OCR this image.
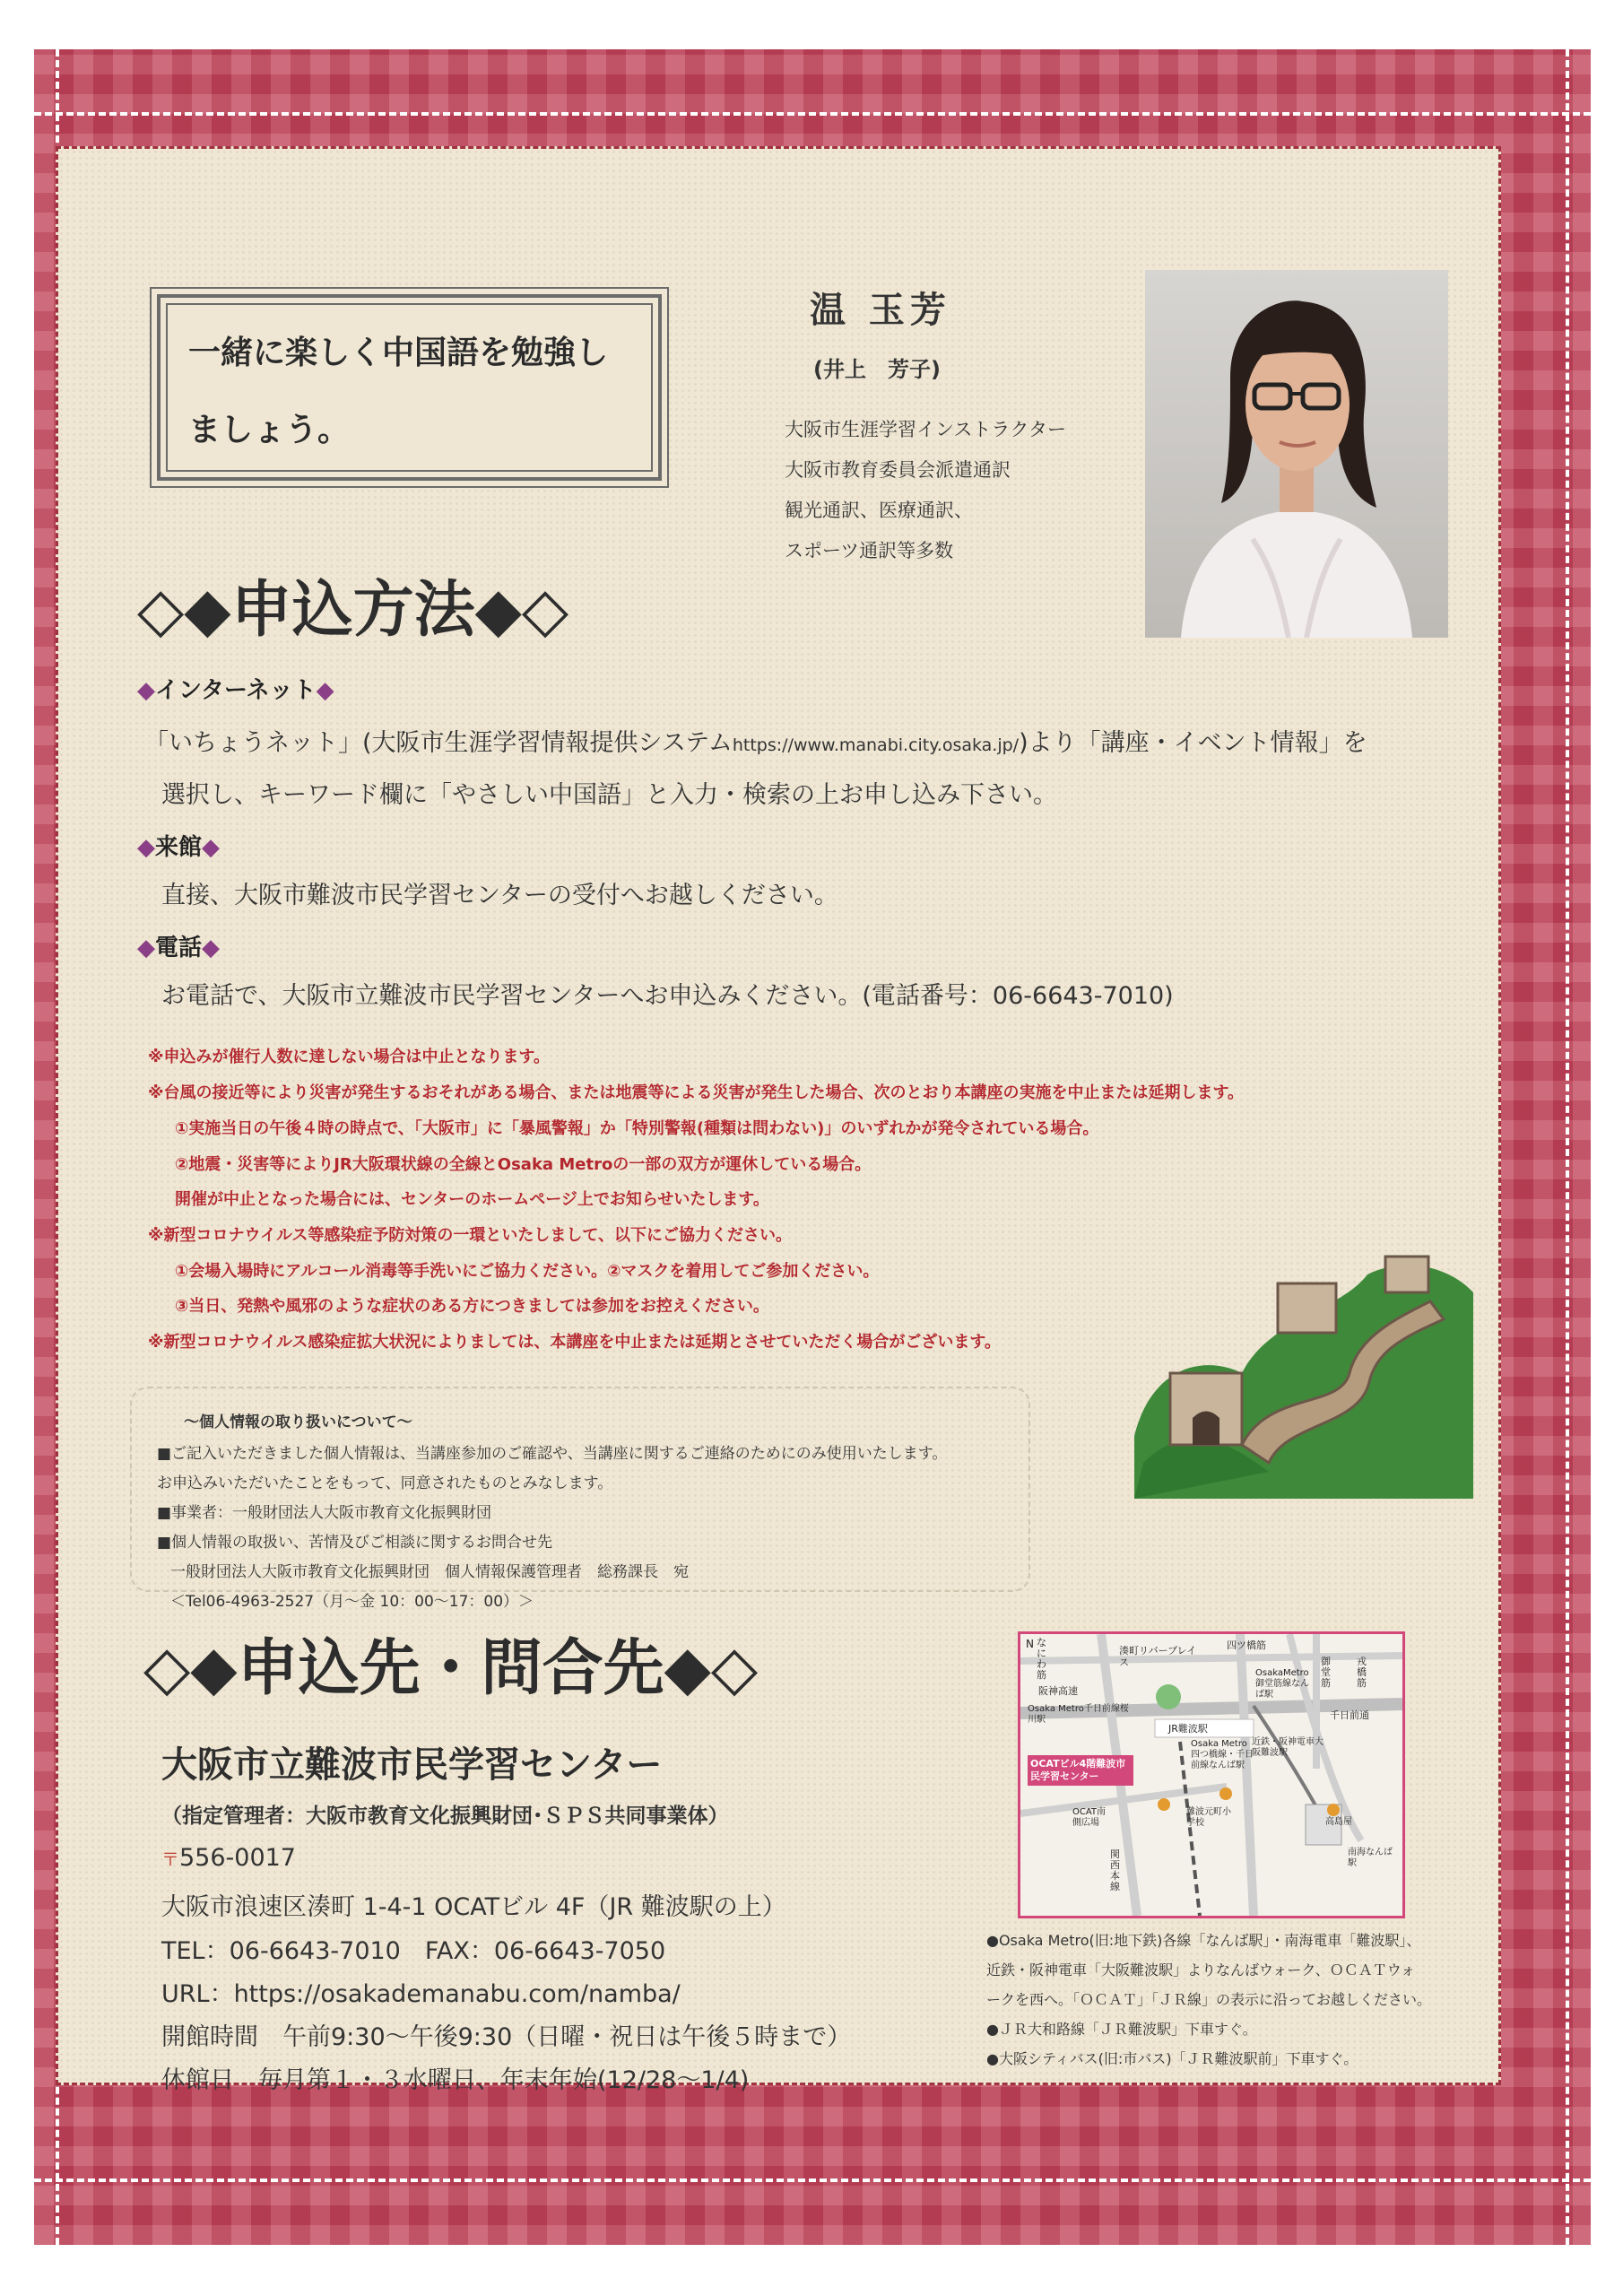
一緒に楽しく中国語を勉強し
ましょう。
温 玉芳
(井上　芳子)
大阪市生涯学習インストラクター
大阪市教育委員会派遣通訳
観光通訳、医療通訳、
スポーツ通訳等多数
◇◆申込方法◆◇
◆インターネット◆
「いちょうネット」(大阪市生涯学習情報提供システムhttps://www.manabi.city.osaka.jp/)より「講座・イベント情報」を
選択し、キーワード欄に「やさしい中国語」と入力・検索の上お申し込み下さい。
◆来館◆
直接、大阪市難波市民学習センターの受付へお越しください。
◆電話◆
お電話で、大阪市立難波市民学習センターへお申込みください。(電話番号：06-6643-7010)
※申込みが催行人数に達しない場合は中止となります。
※台風の接近等により災害が発生するおそれがある場合、または地震等による災害が発生した場合、次のとおり本講座の実施を中止または延期します。
①実施当日の午後４時の時点で、「大阪市」に「暴風警報」か「特別警報(種類は問わない)」のいずれかが発令されている場合。
②地震・災害等によりJR大阪環状線の全線とOsaka Metroの一部の双方が運休している場合。
開催が中止となった場合には、センターのホームページ上でお知らせいたします。
※新型コロナウイルス等感染症予防対策の一環といたしまして、以下にご協力ください。
①会場入場時にアルコール消毒等手洗いにご協力ください。②マスクを着用してご参加ください。
③当日、発熱や風邪のような症状のある方につきましては参加をお控えください。
※新型コロナウイルス感染症拡大状況によりましては、本講座を中止または延期とさせていただく場合がございます。
～個人情報の取り扱いについて～
■ご記入いただきました個人情報は、当講座参加のご確認や、当講座に関するご連絡のためにのみ使用いたします。
お申込みいただいたことをもって、同意されたものとみなします。
■事業者：一般財団法人大阪市教育文化振興財団
■個人情報の取扱い、苦情及びご相談に関するお問合せ先
一般財団法人大阪市教育文化振興財団　個人情報保護管理者　総務課長　宛
＜Tel06-4963-2527（月～金 10：00～17：00）＞
◇◆申込先・問合先◆◇
大阪市立難波市民学習センター
（指定管理者：大阪市教育文化振興財団･ＳＰＳ共同事業体）
〒556-0017
大阪市浪速区湊町 1-4-1 OCATビル 4F（JR 難波駅の上）
TEL：06-6643-7010　FAX：06-6643-7050
URL：https://osakademanabu.com/namba/
開館時間　午前9:30～午後9:30（日曜・祝日は午後５時まで）
休館日　毎月第１・３水曜日、年末年始(12/28～1/4)
N なにわ筋
阪神高速
湊町リバープレイス
四ツ橋筋
御堂筋
戎橋筋
OsakaMetro御堂筋線なんば駅
千日前通
Osaka Metro千日前線桜川駅
JR難波駅
Osaka Metro四つ橋線・千日前線なんば駅
近鉄・阪神電車大阪難波駅
OCATビル4階難波市民学習センター
OCAT南側広場
難波元町小学校
関西本線
高島屋
南海なんば駅
●Osaka Metro(旧:地下鉄)各線「なんば駅」・南海電車「難波駅」、
近鉄・阪神電車「大阪難波駅」よりなんばウォーク、ＯＣＡＴウォ
ークを西へ。「ＯＣＡＴ」「ＪＲ線」の表示に沿ってお越しください。
●ＪＲ大和路線「ＪＲ難波駅」下車すぐ。
●大阪シティバス(旧:市バス)「ＪＲ難波駅前」下車すぐ。
